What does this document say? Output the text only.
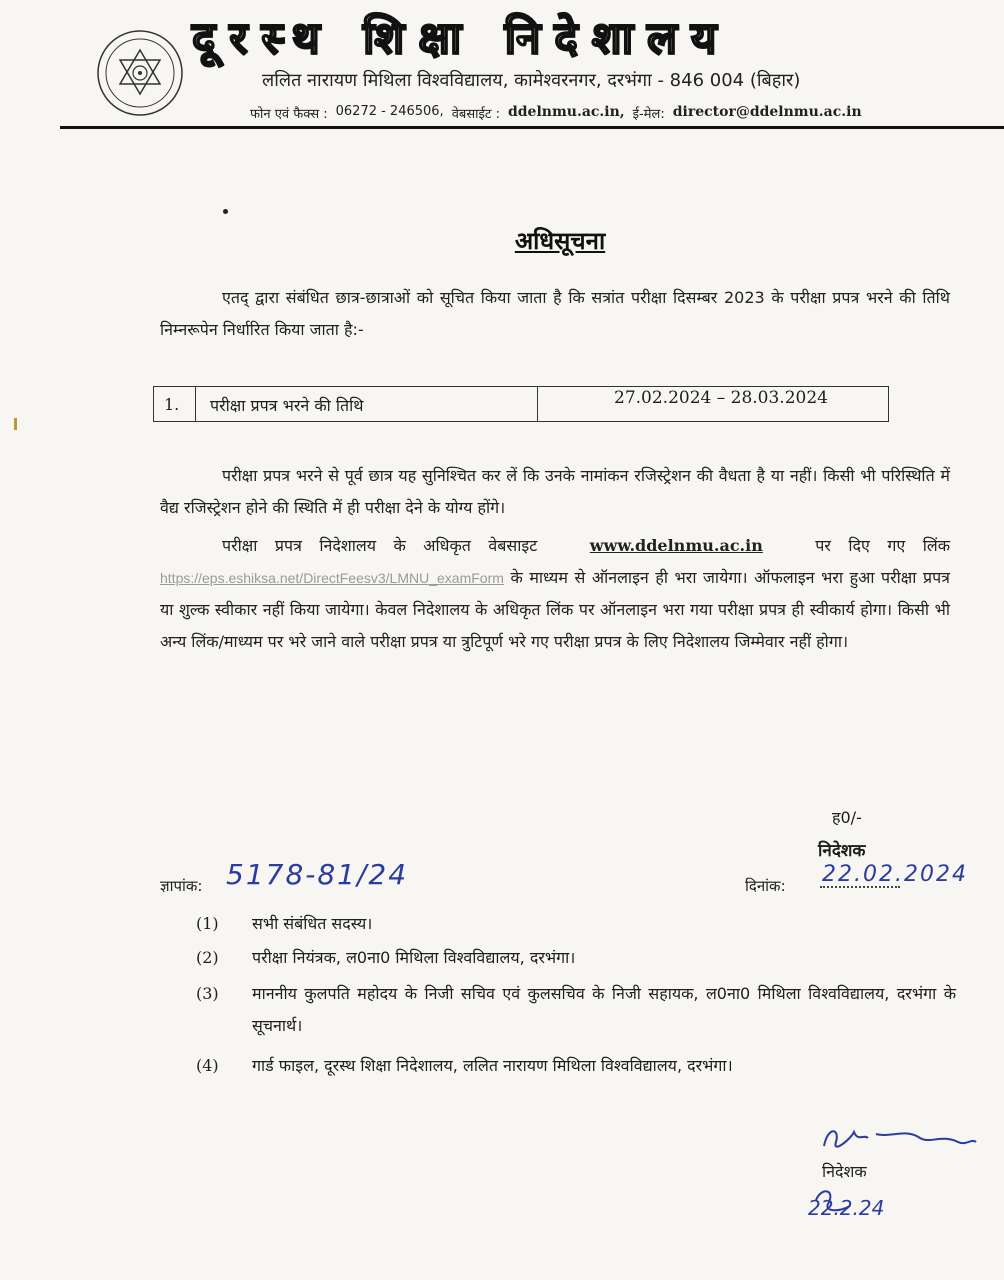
दूरस्थ शिक्षा निदेशालय
ललित नारायण मिथिला विश्वविद्यालय, कामेश्वरनगर, दरभंगा - 846 004 (बिहार)
फोन एवं फैक्स : 06272 - 246506, वेबसाईट : ddelnmu.ac.in, ई-मेल: director@ddelnmu.ac.in
अधिसूचना
एतद् द्वारा संबंधित छात्र-छात्राओं को सूचित किया जाता है कि सत्रांत परीक्षा दिसम्बर 2023 के परीक्षा प्रपत्र भरने की तिथि निम्नरूपेन निर्धारित किया जाता है:-
1.	परीक्षा प्रपत्र भरने की तिथि	27.02.2024 – 28.03.2024
परीक्षा प्रपत्र भरने से पूर्व छात्र यह सुनिश्चित कर लें कि उनके नामांकन रजिस्ट्रेशन की वैधता है या नहीं। किसी भी परिस्थिति में वैद्य रजिस्ट्रेशन होने की स्थिति में ही परीक्षा देने के योग्य होंगे।
परीक्षा प्रपत्र निदेशालय के अधिकृत वेबसाइट	www.ddelnmu.ac.in	पर दिए गए लिंक https://eps.eshiksa.net/DirectFeesv3/LMNU_examForm के माध्यम से ऑनलाइन ही भरा जायेगा। ऑफलाइन भरा हुआ परीक्षा प्रपत्र या शुल्क स्वीकार नहीं किया जायेगा। केवल निदेशालय के अधिकृत लिंक पर ऑनलाइन भरा गया परीक्षा प्रपत्र ही स्वीकार्य होगा। किसी भी अन्य लिंक/माध्यम पर भरे जाने वाले परीक्षा प्रपत्र या त्रुटिपूर्ण भरे गए परीक्षा प्रपत्र के लिए निदेशालय जिम्मेवार नहीं होगा।
ह0/-
निदेशक
ज्ञापांक: 5178-81/24	दिनांक: 22.02.2024
(1)	सभी संबंधित सदस्य।
(2)	परीक्षा नियंत्रक, ल0ना0 मिथिला विश्वविद्यालय, दरभंगा।
(3)	माननीय कुलपति महोदय के निजी सचिव एवं कुलसचिव के निजी सहायक, ल0ना0 मिथिला विश्वविद्यालय, दरभंगा के सूचनार्थ।
(4)	गार्ड फाइल, दूरस्थ शिक्षा निदेशालय, ललित नारायण मिथिला विश्वविद्यालय, दरभंगा।
निदेशक
22.2.24
